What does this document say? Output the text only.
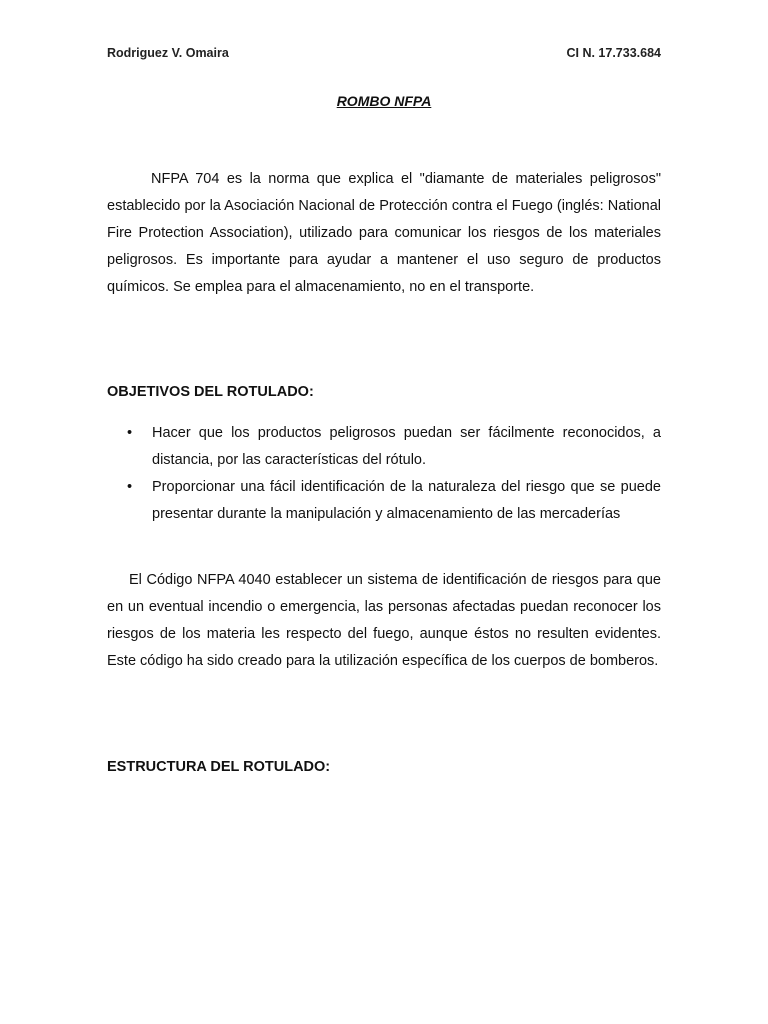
Rodriguez V. Omaira	CI N. 17.733.684
ROMBO NFPA

NFPA 704 es la norma que explica el "diamante de materiales peligrosos" establecido por la Asociación Nacional de Protección contra el Fuego (inglés: National Fire Protection Association), utilizado para comunicar los riesgos de los materiales peligrosos. Es importante para ayudar a mantener el uso seguro de productos químicos. Se emplea para el almacenamiento, no en el transporte.

OBJETIVOS DEL ROTULADO:
• Hacer que los productos peligrosos puedan ser fácilmente reconocidos, a distancia, por las características del rótulo.
• Proporcionar una fácil identificación de la naturaleza del riesgo que se puede presentar durante la manipulación y almacenamiento de las mercaderías

El Código NFPA 4040 establecer un sistema de identificación de riesgos para que en un eventual incendio o emergencia, las personas afectadas puedan reconocer los riesgos de los materia les respecto del fuego, aunque éstos no resulten evidentes. Este código ha sido creado para la utilización específica de los cuerpos de bomberos.

ESTRUCTURA DEL ROTULADO:
